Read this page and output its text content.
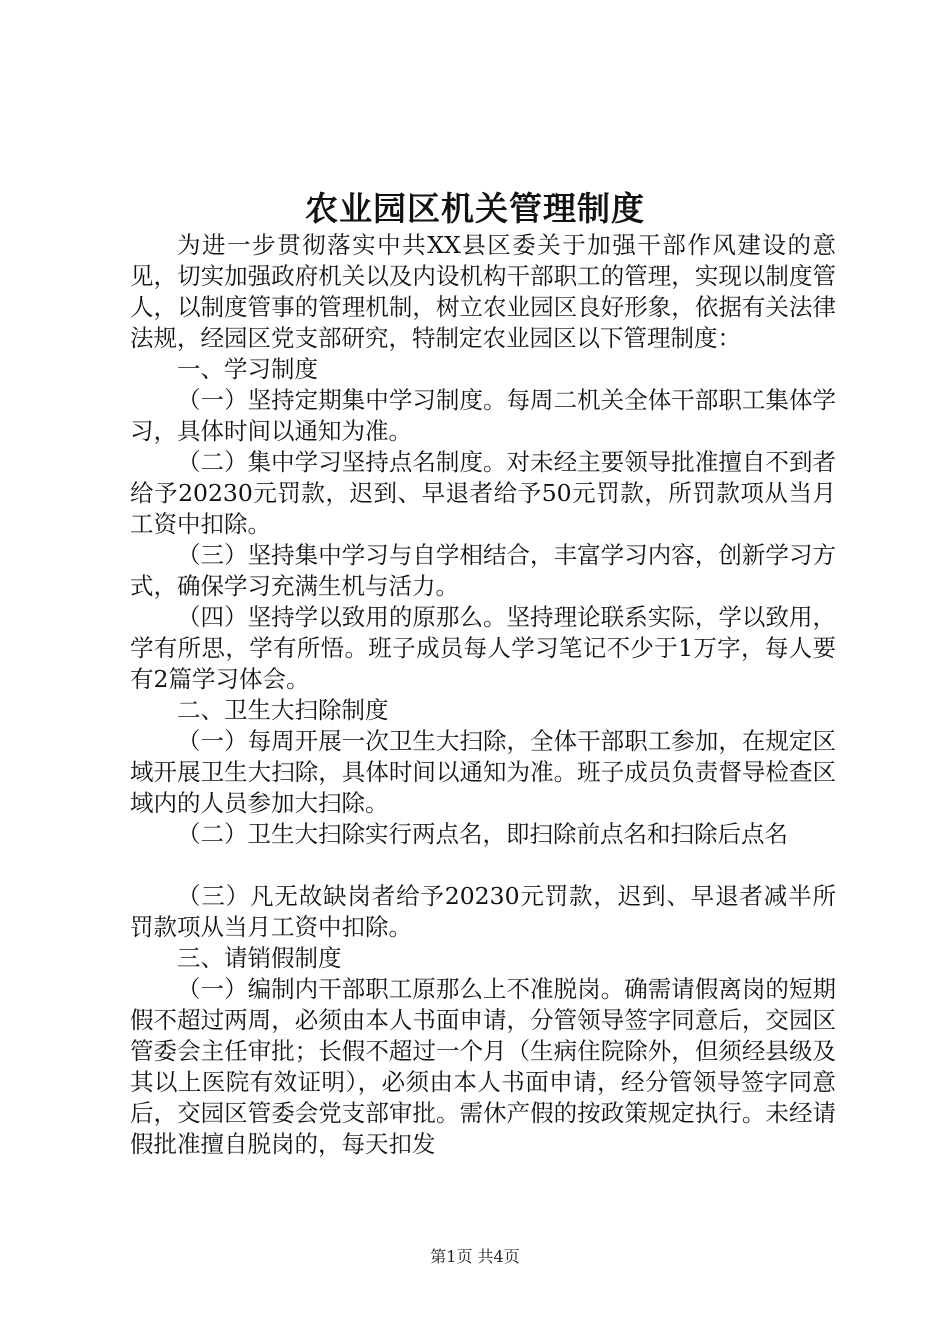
农业园区机关管理制度

为进一步贯彻落实中共XX县区委关于加强干部作风建设的意见，切实加强政府机关以及内设机构干部职工的管理，实现以制度管人，以制度管事的管理机制，树立农业园区良好形象，依据有关法律法规，经园区党支部研究，特制定农业园区以下管理制度：

一、学习制度

（一）坚持定期集中学习制度。每周二机关全体干部职工集体学习，具体时间以通知为准。

（二）集中学习坚持点名制度。对未经主要领导批准擅自不到者给予20230元罚款，迟到、早退者给予50元罚款，所罚款项从当月工资中扣除。

（三）坚持集中学习与自学相结合，丰富学习内容，创新学习方式，确保学习充满生机与活力。

（四）坚持学以致用的原那么。坚持理论联系实际，学以致用，学有所思，学有所悟。班子成员每人学习笔记不少于1万字，每人要有2篇学习体会。

二、卫生大扫除制度

（一）每周开展一次卫生大扫除，全体干部职工参加，在规定区域开展卫生大扫除，具体时间以通知为准。班子成员负责督导检查区域内的人员参加大扫除。

（二）卫生大扫除实行两点名，即扫除前点名和扫除后点名

（三）凡无故缺岗者给予20230元罚款，迟到、早退者减半所罚款项从当月工资中扣除。

三、请销假制度

（一）编制内干部职工原那么上不准脱岗。确需请假离岗的短期假不超过两周，必须由本人书面申请，分管领导签字同意后，交园区管委会主任审批；长假不超过一个月（生病住院除外，但须经县级及其以上医院有效证明），必须由本人书面申请，经分管领导签字同意后，交园区管委会党支部审批。需休产假的按政策规定执行。未经请假批准擅自脱岗的，每天扣发

第1页 共4页
